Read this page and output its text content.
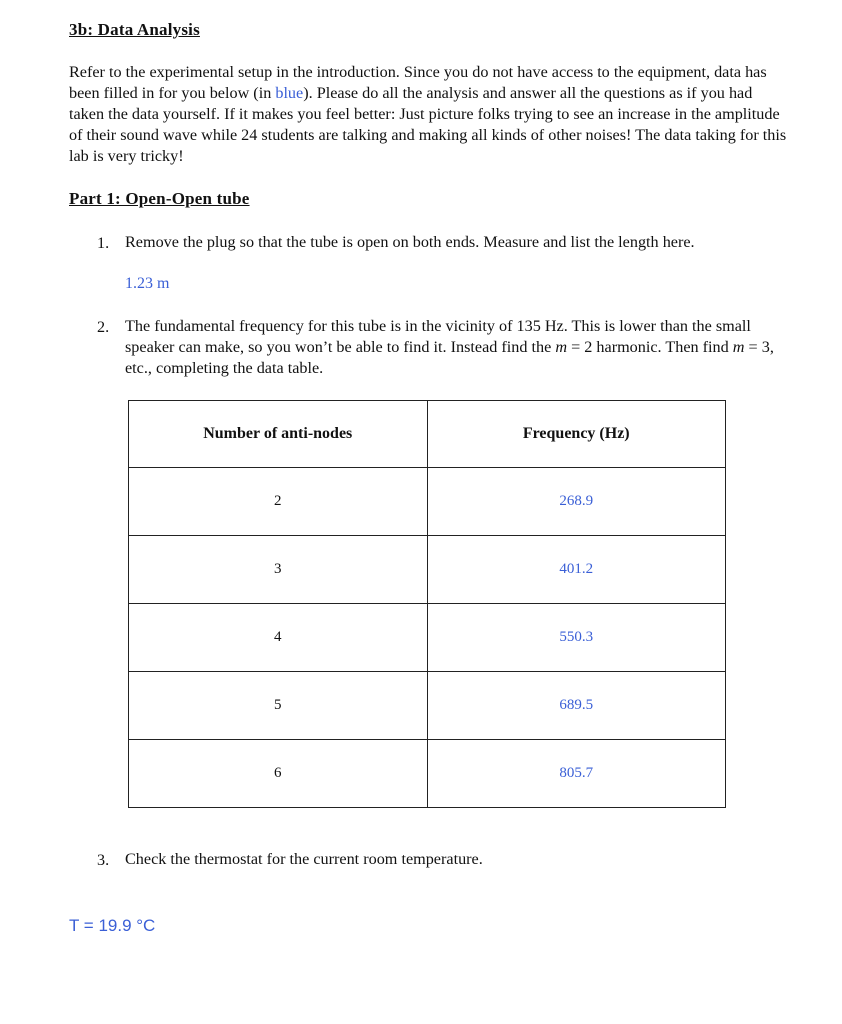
3b: Data Analysis
Refer to the experimental setup in the introduction. Since you do not have access to the equipment, data has been filled in for you below (in blue). Please do all the analysis and answer all the questions as if you had taken the data yourself. If it makes you feel better: Just picture folks trying to see an increase in the amplitude of their sound wave while 24 students are talking and making all kinds of other noises! The data taking for this lab is very tricky!
Part 1: Open-Open tube
1. Remove the plug so that the tube is open on both ends. Measure and list the length here.
1.23 m
2. The fundamental frequency for this tube is in the vicinity of 135 Hz. This is lower than the small speaker can make, so you won’t be able to find it. Instead find the m = 2 harmonic. Then find m = 3, etc., completing the data table.
Number of anti-nodes	Frequency (Hz)
2	268.9
3	401.2
4	550.3
5	689.5
6	805.7
3. Check the thermostat for the current room temperature.
T = 19.9 °C
